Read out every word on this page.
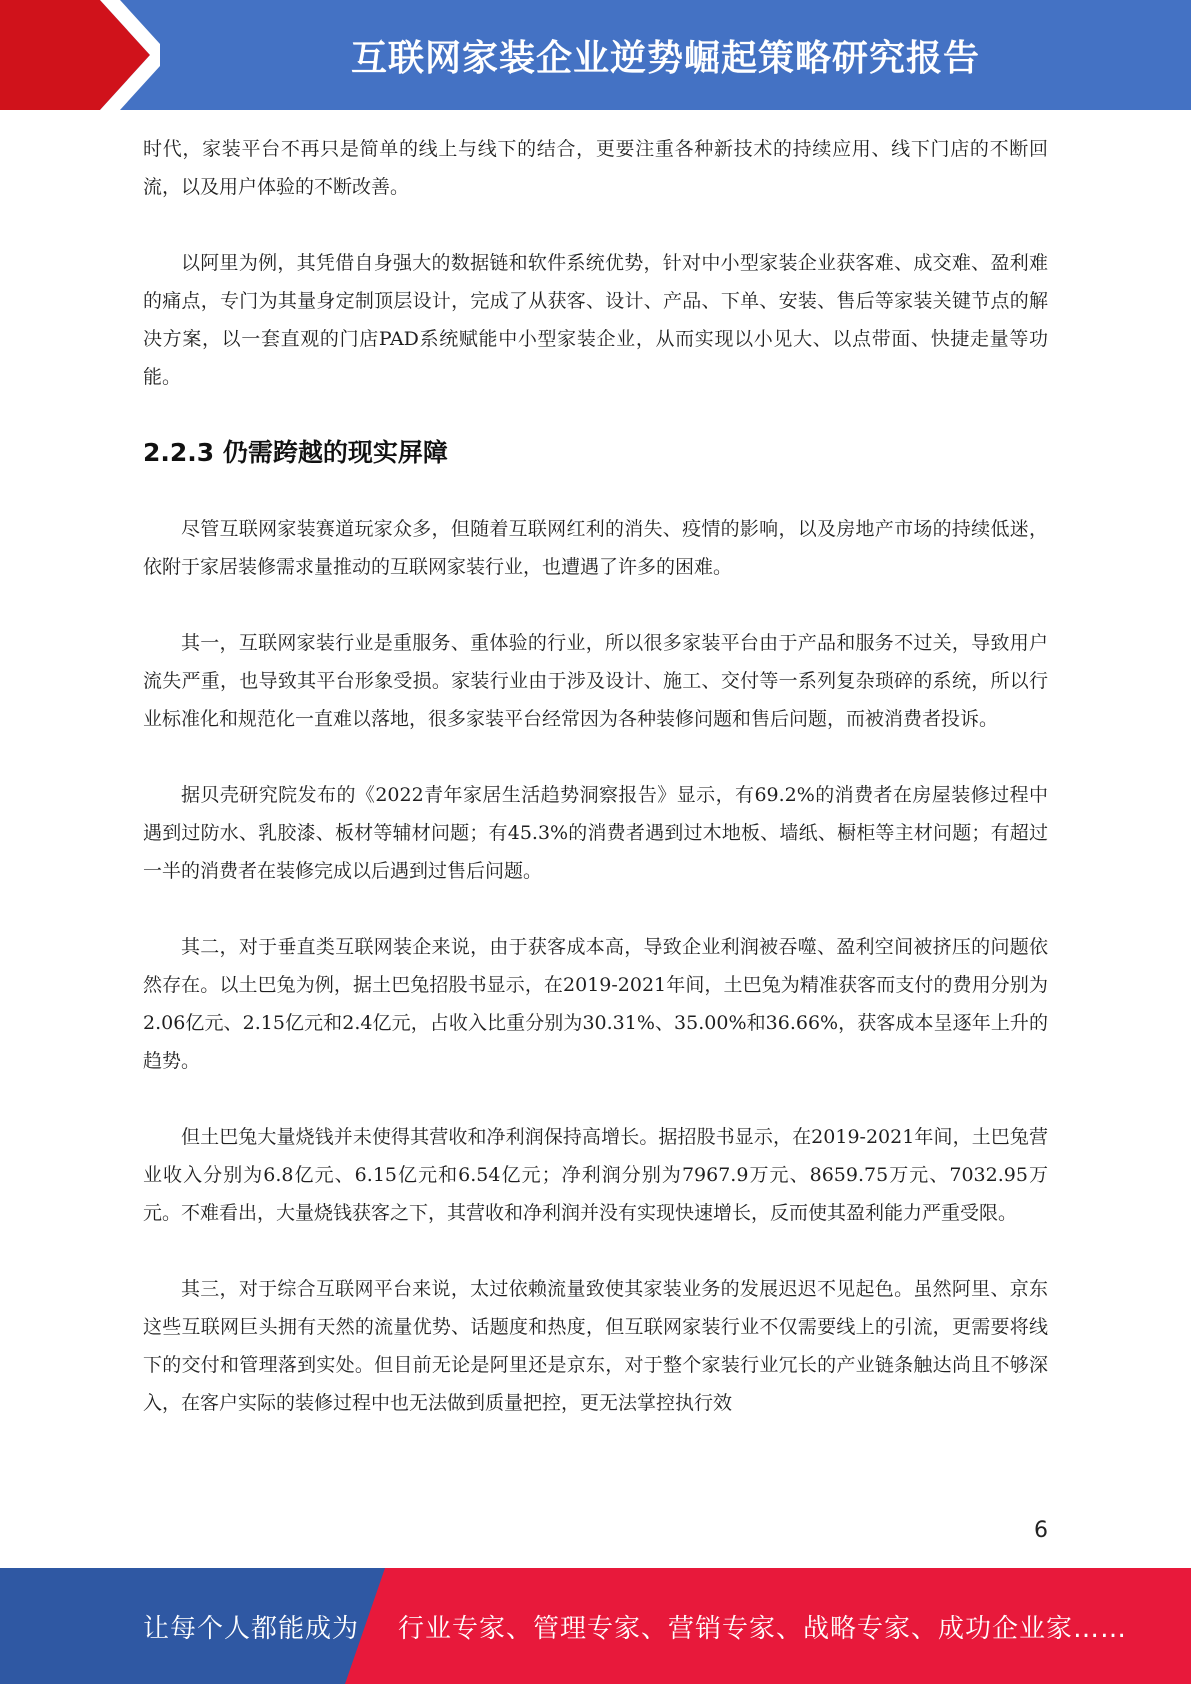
互联网家装企业逆势崛起策略研究报告

时代，家装平台不再只是简单的线上与线下的结合，更要注重各种新技术的持续应用、线下门店的不断回流，以及用户体验的不断改善。

以阿里为例，其凭借自身强大的数据链和软件系统优势，针对中小型家装企业获客难、成交难、盈利难的痛点，专门为其量身定制顶层设计，完成了从获客、设计、产品、下单、安装、售后等家装关键节点的解决方案，以一套直观的门店PAD系统赋能中小型家装企业，从而实现以小见大、以点带面、快捷走量等功能。

2.2.3 仍需跨越的现实屏障

尽管互联网家装赛道玩家众多，但随着互联网红利的消失、疫情的影响，以及房地产市场的持续低迷，依附于家居装修需求量推动的互联网家装行业，也遭遇了许多的困难。

其一，互联网家装行业是重服务、重体验的行业，所以很多家装平台由于产品和服务不过关，导致用户流失严重，也导致其平台形象受损。家装行业由于涉及设计、施工、交付等一系列复杂琐碎的系统，所以行业标准化和规范化一直难以落地，很多家装平台经常因为各种装修问题和售后问题，而被消费者投诉。

据贝壳研究院发布的《2022青年家居生活趋势洞察报告》显示，有69.2%的消费者在房屋装修过程中遇到过防水、乳胶漆、板材等辅材问题；有45.3%的消费者遇到过木地板、墙纸、橱柜等主材问题；有超过一半的消费者在装修完成以后遇到过售后问题。

其二，对于垂直类互联网装企来说，由于获客成本高，导致企业利润被吞噬、盈利空间被挤压的问题依然存在。以土巴兔为例，据土巴兔招股书显示，在2019-2021年间，土巴兔为精准获客而支付的费用分别为2.06亿元、2.15亿元和2.4亿元，占收入比重分别为30.31%、35.00%和36.66%，获客成本呈逐年上升的趋势。

但土巴兔大量烧钱并未使得其营收和净利润保持高增长。据招股书显示，在2019-2021年间，土巴兔营业收入分别为6.8亿元、6.15亿元和6.54亿元；净利润分别为7967.9万元、8659.75万元、7032.95万元。不难看出，大量烧钱获客之下，其营收和净利润并没有实现快速增长，反而使其盈利能力严重受限。

其三，对于综合互联网平台来说，太过依赖流量致使其家装业务的发展迟迟不见起色。虽然阿里、京东这些互联网巨头拥有天然的流量优势、话题度和热度，但互联网家装行业不仅需要线上的引流，更需要将线下的交付和管理落到实处。但目前无论是阿里还是京东，对于整个家装行业冗长的产业链条触达尚且不够深入，在客户实际的装修过程中也无法做到质量把控，更无法掌控执行效

6
让每个人都能成为 行业专家、管理专家、营销专家、战略专家、成功企业家……
